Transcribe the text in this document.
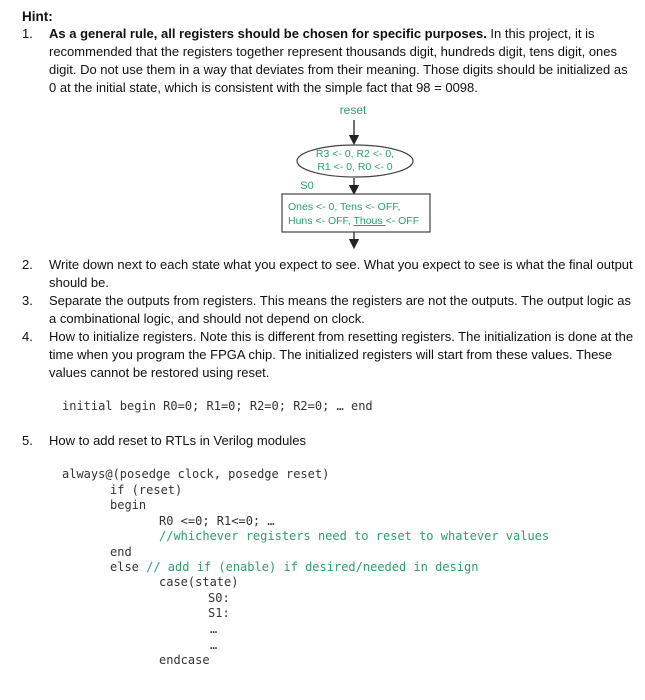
Hint:
1. As a general rule, all registers should be chosen for specific purposes. In this project, it is recommended that the registers together represent thousands digit, hundreds digit, tens digit, ones digit. Do not use them in a way that deviates from their meaning. Those digits should be initialized as 0 at the initial state, which is consistent with the simple fact that 98 = 0098.
reset
R3 <- 0, R2 <- 0,
R1 <- 0, R0 <- 0
S0
Ones <- 0, Tens <- OFF,
Huns <- OFF, Thous <- OFF
2. Write down next to each state what you expect to see. What you expect to see is what the final output should be.
3. Separate the outputs from registers. This means the registers are not the outputs. The output logic as a combinational logic, and should not depend on clock.
4. How to initialize registers. Note this is different from resetting registers. The initialization is done at the time when you program the FPGA chip. The initialized registers will start from these values. These values cannot be restored using reset.
initial begin R0=0; R1=0; R2=0; R2=0; … end
5. How to add reset to RTLs in Verilog modules
always@(posedge clock, posedge reset)
if (reset)
begin
R0 <=0; R1<=0; …
//whichever registers need to reset to whatever values
end
else // add if (enable) if desired/needed in design
case(state)
S0:
S1:
…
…
endcase
